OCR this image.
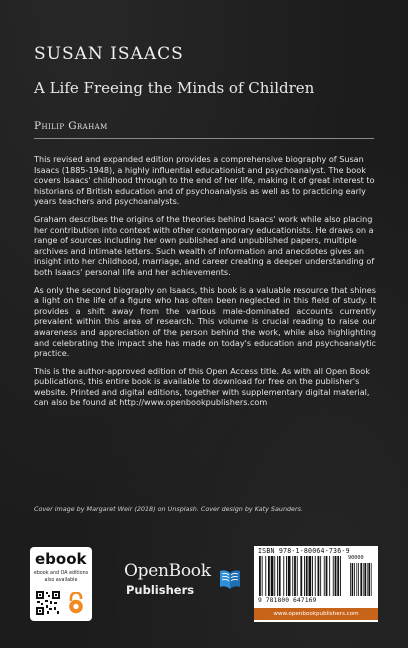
SUSAN ISAACS
A Life Freeing the Minds of Children
Philip Graham

This revised and expanded edition provides a comprehensive biography of Susan Isaacs (1885-1948), a highly influential educationist and psychoanalyst. The book covers Isaacs' childhood through to the end of her life, making it of great interest to historians of British education and of psychoanalysis as well as to practicing early years teachers and psychoanalysts.

Graham describes the origins of the theories behind Isaacs' work while also placing her contribution into context with other contemporary educationists. He draws on a range of sources including her own published and unpublished papers, multiple archives and intimate letters. Such wealth of information and anecdotes gives an insight into her childhood, marriage, and career creating a deeper understanding of both Isaacs' personal life and her achievements.

As only the second biography on Isaacs, this book is a valuable resource that shines a light on the life of a figure who has often been neglected in this field of study. It provides a shift away from the various male-dominated accounts currently prevalent within this area of research. This volume is crucial reading to raise our awareness and appreciation of the person behind the work, while also highlighting and celebrating the impact she has made on today's education and psychoanalytic practice.

This is the author-approved edition of this Open Access title. As with all Open Book publications, this entire book is available to download for free on the publisher's website. Printed and digital editions, together with supplementary digital material, can also be found at http://www.openbookpublishers.com

Cover image by Margaret Weir (2018) on Unsplash. Cover design by Katy Saunders.
ebook
ebook and OA editions
also available	OpenBook
Publishers
ISBN 978-1-80064-736-9
90000
9 781800 647169
www.openbookpublishers.com
